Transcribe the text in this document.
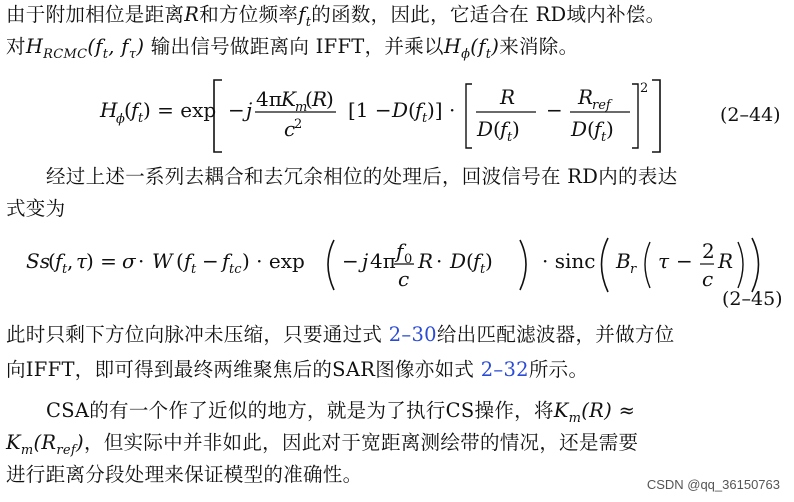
由于附加相位是距离R和方位频率$f_t$的函数，因此，它适合在 RD域内补偿。
对$H_{RCMC}(f_t$, $f_\tau$) 输出信号做距离向 IFFT，并乘以$H_\phi(f_t)$来消除。
H
ϕ ( f t ) = exp − j 4π K m
( R
)
c
2
[1 − D ( f t )] ·
R
D ( f t )
−
R
ref
D ( f t )
2
(2–44)
经过上述一系列去耦合和去冗余相位的处理后，回波信号在 RD内的表达
式变为
Ss
( f t , τ
) = σ · W ( f t − f tc ) · exp − j 4π f 0
c
R · D ( f t ) · sinc B r τ − 2
c
R
(2–45)
此时只剩下方位向脉冲未压缩，只要通过式 2–30给出匹配滤波器，并做方位
向IFFT，即可得到最终两维聚焦后的SAR图像亦如式 2–32所示。
CSA的有一个作了近似的地方，就是为了执行CS操作，将$K_m(R)$ ≈
$K_m(R_{ref})$，但实际中并非如此，因此对于宽距离测绘带的情况，还是需要
进行距离分段处理来保证模型的准确性。	CSDN @qq_36150763
